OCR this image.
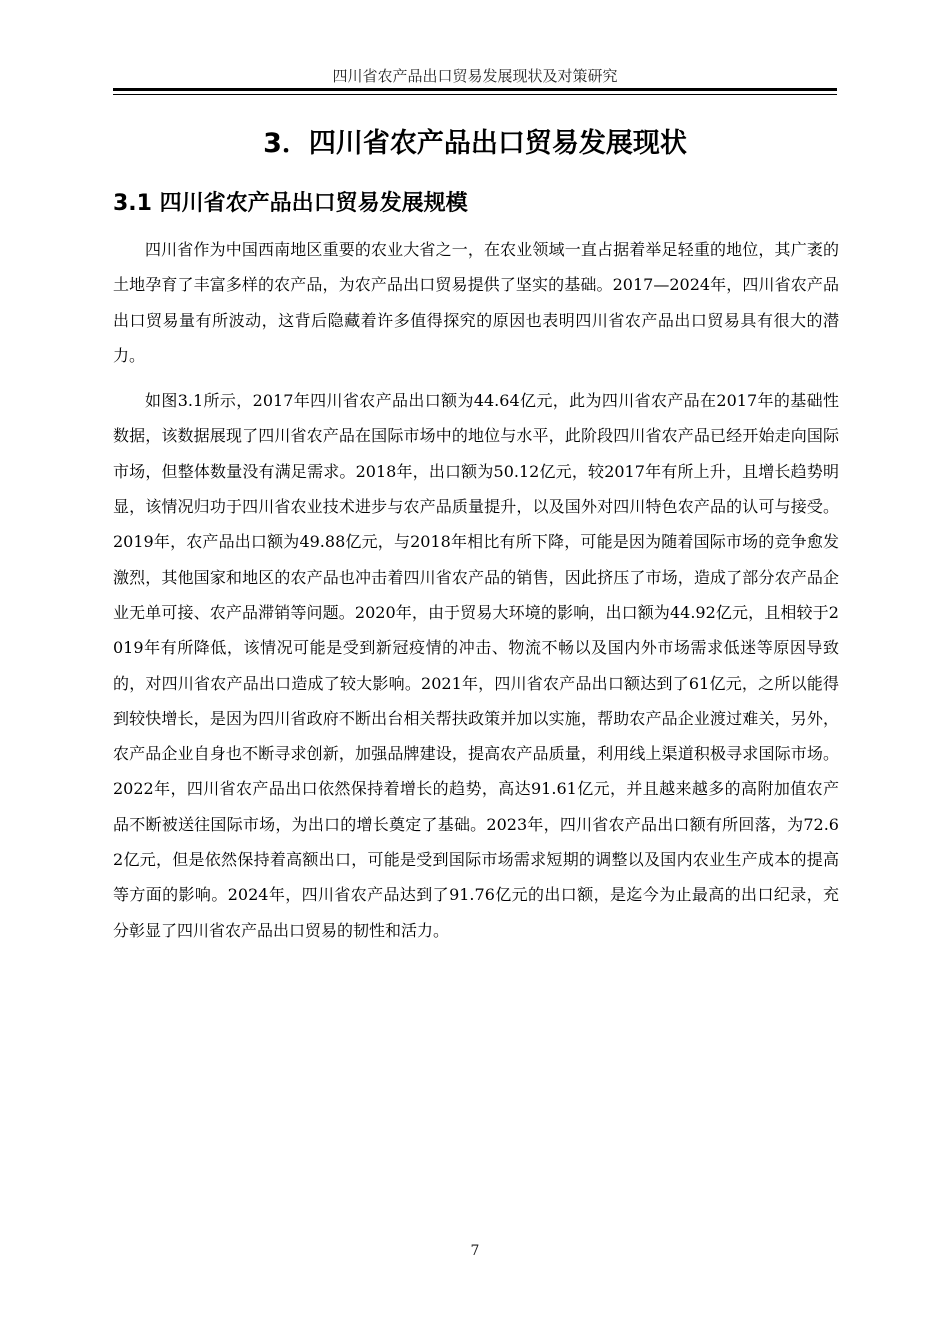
四川省农产品出口贸易发展现状及对策研究
3．四川省农产品出口贸易发展现状
3.1 四川省农产品出口贸易发展规模

四川省作为中国西南地区重要的农业大省之一，在农业领域一直占据着举足轻重的地位，其广袤的土地孕育了丰富多样的农产品，为农产品出口贸易提供了坚实的基础。2017—2024年，四川省农产品出口贸易量有所波动，这背后隐藏着许多值得探究的原因也表明四川省农产品出口贸易具有很大的潜力。

如图3.1所示，2017年四川省农产品出口额为44.64亿元，此为四川省农产品在2017年的基础性数据，该数据展现了四川省农产品在国际市场中的地位与水平，此阶段四川省农产品已经开始走向国际市场，但整体数量没有满足需求。2018年，出口额为50.12亿元，较2017年有所上升，且增长趋势明显，该情况归功于四川省农业技术进步与农产品质量提升，以及国外对四川特色农产品的认可与接受。2019年，农产品出口额为49.88亿元，与2018年相比有所下降，可能是因为随着国际市场的竞争愈发激烈，其他国家和地区的农产品也冲击着四川省农产品的销售，因此挤压了市场，造成了部分农产品企业无单可接、农产品滞销等问题。2020年，由于贸易大环境的影响，出口额为44.92亿元，且相较于2019年有所降低，该情况可能是受到新冠疫情的冲击、物流不畅以及国内外市场需求低迷等原因导致的，对四川省农产品出口造成了较大影响。2021年，四川省农产品出口额达到了61亿元，之所以能得到较快增长，是因为四川省政府不断出台相关帮扶政策并加以实施，帮助农产品企业渡过难关，另外，农产品企业自身也不断寻求创新，加强品牌建设，提高农产品质量，利用线上渠道积极寻求国际市场。2022年，四川省农产品出口依然保持着增长的趋势，高达91.61亿元，并且越来越多的高附加值农产品不断被送往国际市场，为出口的增长奠定了基础。2023年，四川省农产品出口额有所回落，为72.62亿元，但是依然保持着高额出口，可能是受到国际市场需求短期的调整以及国内农业生产成本的提高等方面的影响。2024年，四川省农产品达到了91.76亿元的出口额，是迄今为止最高的出口纪录，充分彰显了四川省农产品出口贸易的韧性和活力。

7
